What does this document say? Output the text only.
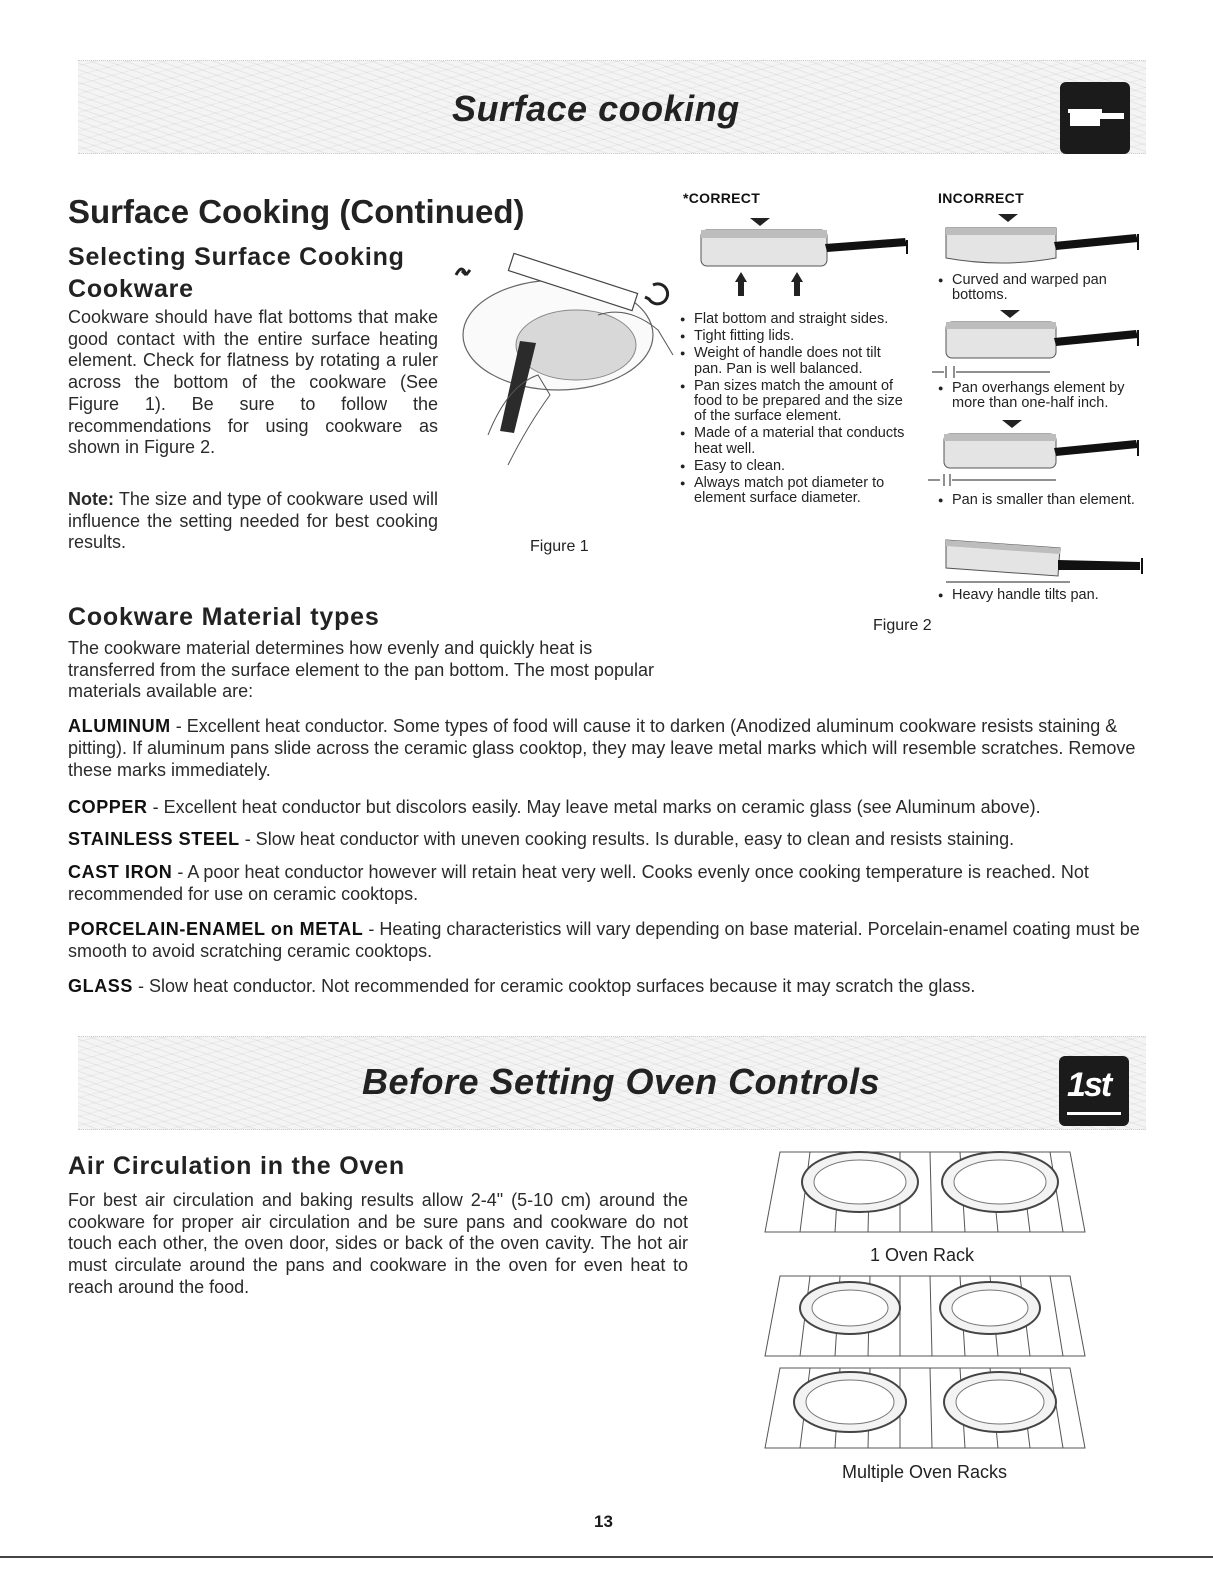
Surface cooking
Surface Cooking (Continued)
Selecting Surface Cooking
Cookware

Cookware should have flat bottoms that make good contact with the entire surface heating element. Check for flatness by rotating a ruler across the bottom of the cookware (See Figure 1). Be sure to follow the recommendations for using cookware as shown in Figure 2.

Note: The size and type of cookware used will influence the setting needed for best cooking results.	Figure 1
*CORRECT
● Flat bottom and straight sides.
● Tight fitting lids.
● Weight of handle does not tilt pan. Pan is well balanced.
● Pan sizes match the amount of food to be prepared and the size of the surface element.
● Made of a material that conducts heat well.
● Easy to clean.
● Always match pot diameter to element surface diameter.
INCORRECT
● Curved and warped pan bottoms.
● Pan overhangs element by more than one-half inch.
● Pan is smaller than element.
● Heavy handle tilts pan.
Figure 2
Cookware Material types

The cookware material determines how evenly and quickly heat is transferred from the surface element to the pan bottom. The most popular materials available are:

ALUMINUM - Excellent heat conductor. Some types of food will cause it to darken (Anodized aluminum cookware resists staining & pitting). If aluminum pans slide across the ceramic glass cooktop, they may leave metal marks which will resemble scratches. Remove these marks immediately.

COPPER - Excellent heat conductor but discolors easily. May leave metal marks on ceramic glass (see Aluminum above).

STAINLESS STEEL - Slow heat conductor with uneven cooking results. Is durable, easy to clean and resists staining.

CAST IRON - A poor heat conductor however will retain heat very well. Cooks evenly once cooking temperature is reached. Not recommended for use on ceramic cooktops.

PORCELAIN-ENAMEL on METAL - Heating characteristics will vary depending on base material. Porcelain-enamel coating must be smooth to avoid scratching ceramic cooktops.

GLASS - Slow heat conductor. Not recommended for ceramic cooktop surfaces because it may scratch the glass.

Before Setting Oven Controls	1st
Air Circulation in the Oven

For best air circulation and baking results allow 2-4" (5-10 cm) around the cookware for proper air circulation and be sure pans and cookware do not touch each other, the oven door, sides or back of the oven cavity. The hot air must circulate around the pans and cookware in the oven for even heat to reach around the food.

1 Oven Rack
Multiple Oven Racks
13
